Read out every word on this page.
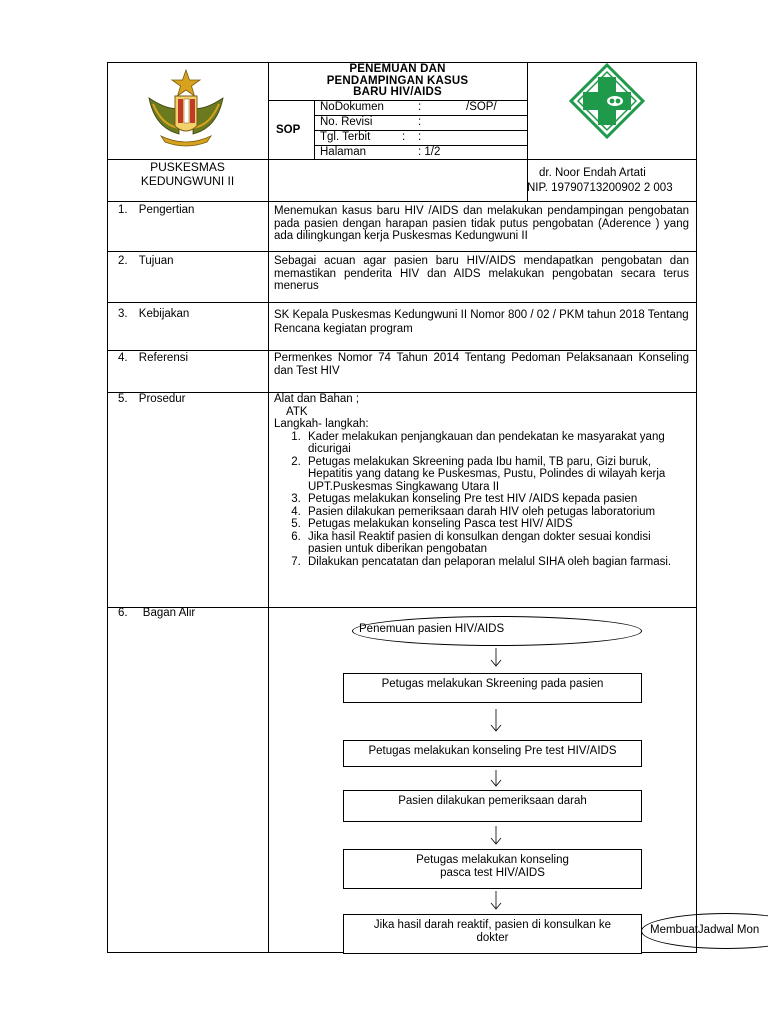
PENEMUAN DAN PENDAMPINGAN KASUS BARU HIV/AIDS
SOP
NoDokumen	:	/SOP/
No. Revisi	:
Tgl. Terbit	:    :
Halaman	: 1/2
PUSKESMAS
KEDUNGWUNI II
dr. Noor Endah Artati
NIP. 19790713200902 2 003
1. Pengertian	Menemukan kasus baru HIV /AIDS dan melakukan pendampingan pengobatan pada pasien dengan harapan pasien tidak putus pengobatan (Aderence ) yang ada dilingkungan kerja Puskesmas Kedungwuni II
2. Tujuan	Sebagai acuan agar pasien baru HIV/AIDS mendapatkan pengobatan dan memastikan penderita HIV dan AIDS melakukan pengobatan secara terus menerus
3. Kebijakan	SK Kepala Puskesmas Kedungwuni II Nomor 800 / 02 / PKM tahun 2018 Tentang Rencana kegiatan program
4. Referensi	Permenkes Nomor 74 Tahun 2014 Tentang Pedoman Pelaksanaan Konseling dan Test HIV
5. Prosedur	Alat dan Bahan ;
ATK
Langkah- langkah:
1. Kader melakukan penjangkauan dan pendekatan ke masyarakat yang dicurigai
2. Petugas melakukan Skreening pada Ibu hamil, TB paru, Gizi buruk, Hepatitis yang datang ke Puskesmas, Pustu, Polindes di wilayah kerja UPT.Puskesmas Singkawang Utara II
3. Petugas melakukan konseling Pre test HIV /AIDS kepada pasien
4. Pasien dilakukan pemeriksaan darah HIV oleh petugas laboratorium
5. Petugas melakukan konseling Pasca test HIV/ AIDS
6. Jika hasil Reaktif pasien di konsulkan dengan dokter sesuai kondisi pasien untuk diberikan pengobatan
7. Dilakukan pencatatan dan pelaporan melalul SIHA oleh bagian farmasi.
6. Bagan Alir
Penemuan pasien HIV/AIDS
Petugas melakukan Skreening pada pasien
Petugas melakukan konseling Pre test HIV/AIDS
Pasien dilakukan pemeriksaan darah
Petugas melakukan konseling pasca test HIV/AIDS
Jika hasil darah reaktif, pasien di konsulkan ke dokter
MembuatJadwal Mon
